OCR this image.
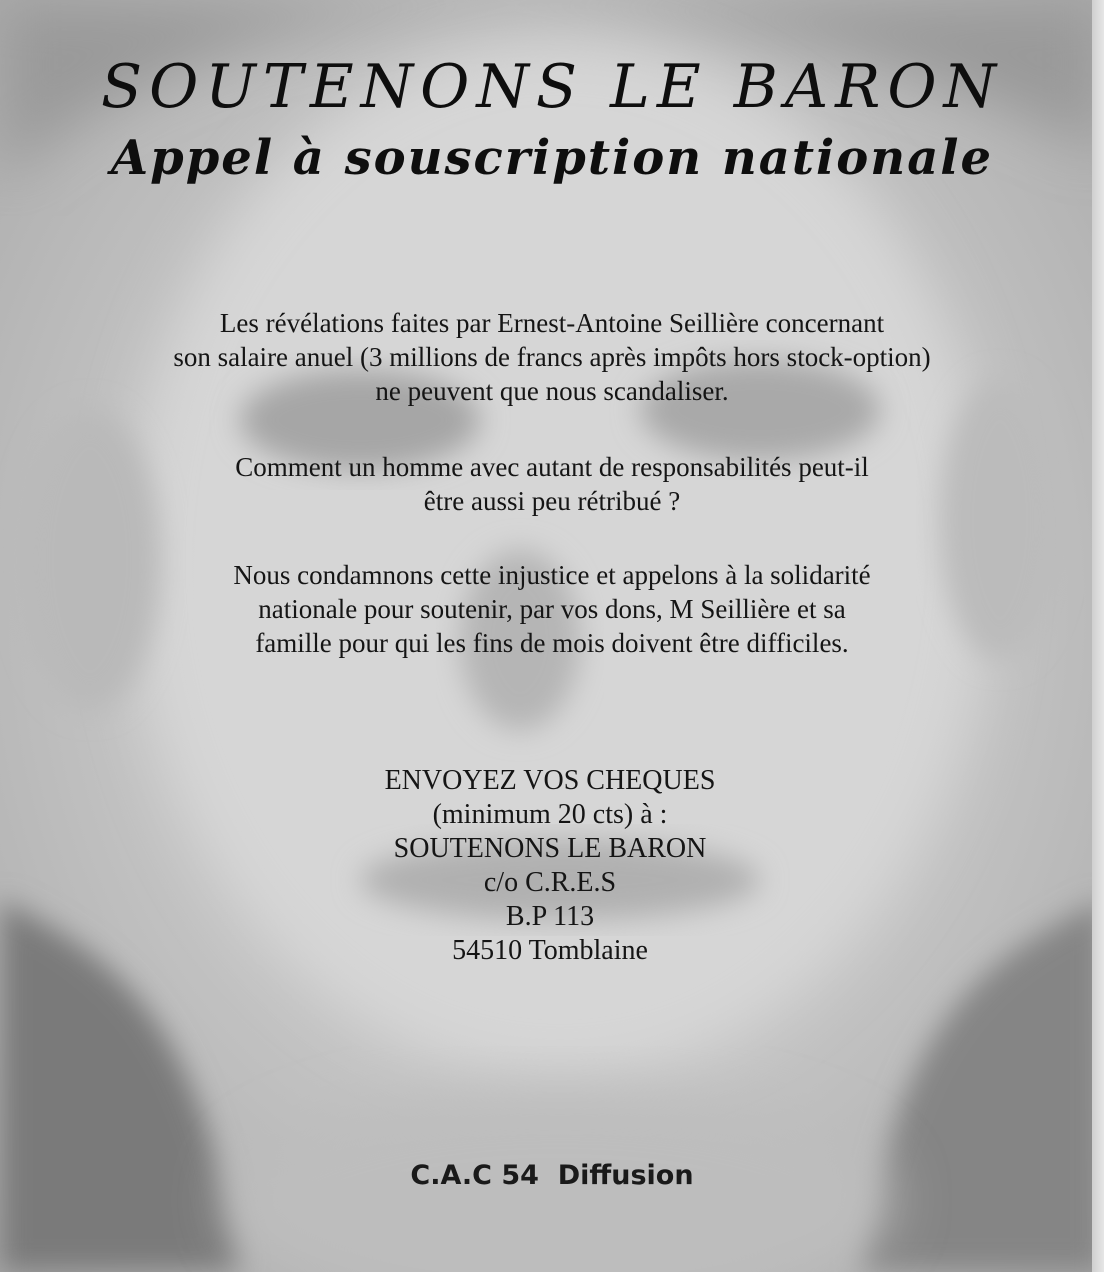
SOUTENONS LE BARON
Appel à souscription nationale
Les révélations faites par Ernest-Antoine Seillière concernant
son salaire anuel (3 millions de francs après impôts hors stock-option)
ne peuvent que nous scandaliser.
Comment un homme avec autant de responsabilités peut-il
être aussi peu rétribué ?
Nous condamnons cette injustice et appelons à la solidarité
nationale pour soutenir, par vos dons, M Seillière et sa
famille pour qui les fins de mois doivent être difficiles.
ENVOYEZ VOS CHEQUES
(minimum 20 cts) à :
SOUTENONS LE BARON
c/o C.R.E.S
B.P 113
54510 Tomblaine
C.A.C 54  Diffusion
